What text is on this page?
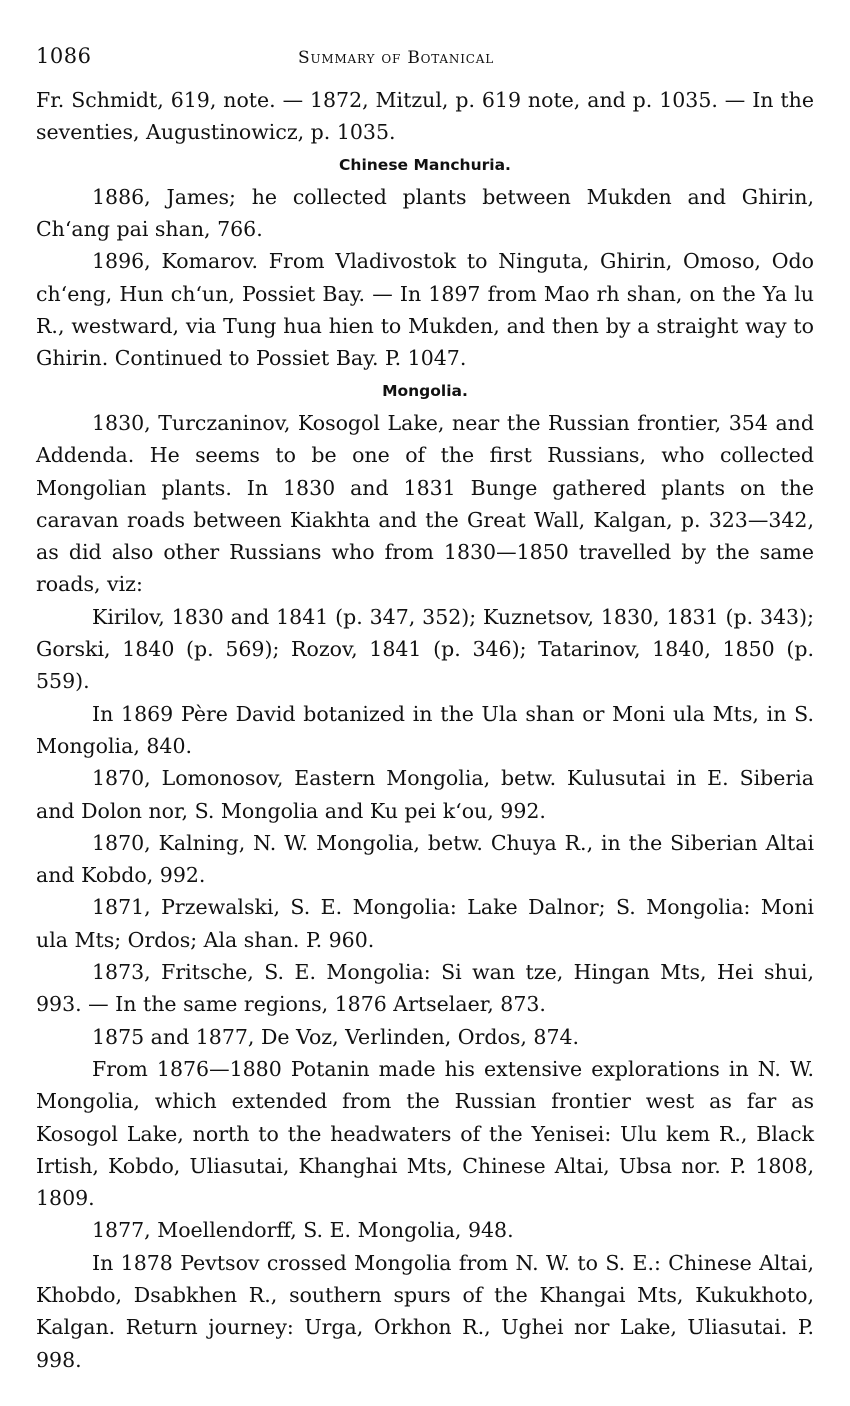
1086	Summary of Botanical

Fr. Schmidt, 619, note. — 1872, Mitzul, p. 619 note, and p. 1035. — In the seventies, Augustinowicz, p. 1035.

Chinese Manchuria.

1886, James; he collected plants between Mukden and Ghirin, Chʻang pai shan, 766.

1896, Komarov. From Vladivostok to Ninguta, Ghirin, Omoso, Odo chʻeng, Hun chʻun, Possiet Bay. — In 1897 from Mao rh shan, on the Ya lu R., westward, via Tung hua hien to Mukden, and then by a straight way to Ghirin. Continued to Possiet Bay. P. 1047.

Mongolia.

1830, Turczaninov, Kosogol Lake, near the Russian frontier, 354 and Addenda. He seems to be one of the first Russians, who collected Mongolian plants. In 1830 and 1831 Bunge gathered plants on the caravan roads between Kiakhta and the Great Wall, Kalgan, p. 323—342, as did also other Russians who from 1830—1850 travelled by the same roads, viz:

Kirilov, 1830 and 1841 (p. 347, 352); Kuznetsov, 1830, 1831 (p. 343); Gorski, 1840 (p. 569); Rozov, 1841 (p. 346); Tatarinov, 1840, 1850 (p. 559).

In 1869 Père David botanized in the Ula shan or Moni ula Mts, in S. Mongolia, 840.

1870, Lomonosov, Eastern Mongolia, betw. Kulusutai in E. Siberia and Dolon nor, S. Mongolia and Ku pei kʻou, 992.

1870, Kalning, N. W. Mongolia, betw. Chuya R., in the Siberian Altai and Kobdo, 992.

1871, Przewalski, S. E. Mongolia: Lake Dalnor; S. Mongolia: Moni ula Mts; Ordos; Ala shan. P. 960.

1873, Fritsche, S. E. Mongolia: Si wan tze, Hingan Mts, Hei shui, 993. — In the same regions, 1876 Artselaer, 873.

1875 and 1877, De Voz, Verlinden, Ordos, 874.

From 1876—1880 Potanin made his extensive explorations in N. W. Mongolia, which extended from the Russian frontier west as far as Kosogol Lake, north to the headwaters of the Yenisei: Ulu kem R., Black Irtish, Kobdo, Uliasutai, Khanghai Mts, Chinese Altai, Ubsa nor. P. 1808, 1809.

1877, Moellendorff, S. E. Mongolia, 948.

In 1878 Pevtsov crossed Mongolia from N. W. to S. E.: Chinese Altai, Khobdo, Dsabkhen R., southern spurs of the Khangai Mts, Kukukhoto, Kalgan. Return journey: Urga, Orkhon R., Ughei nor Lake, Uliasutai. P. 998.
